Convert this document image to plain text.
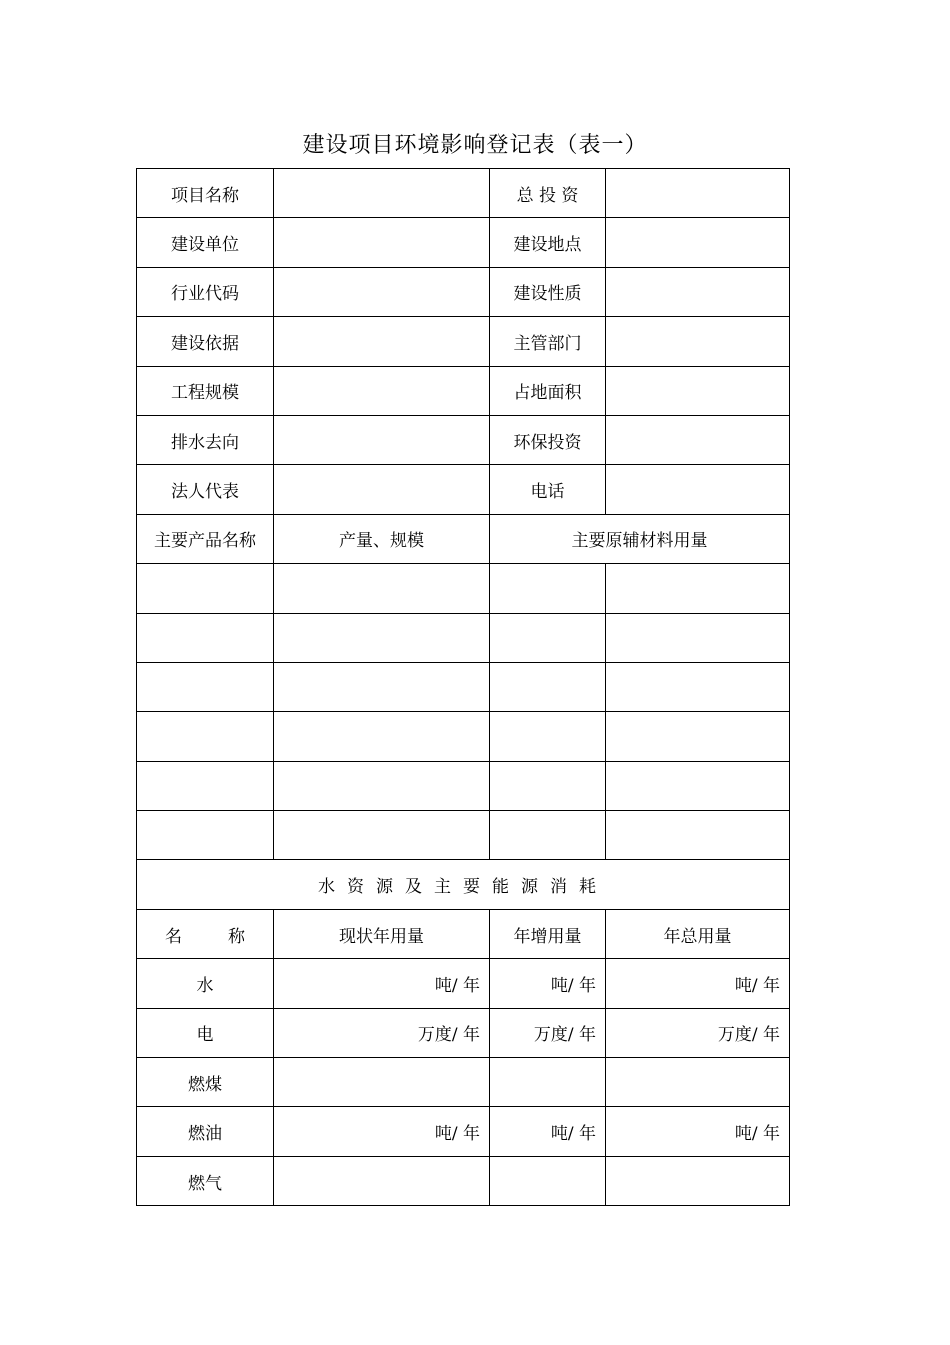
建设项目环境影响登记表（表一）
项目名称		总 投 资	
建设单位		建设地点	
行业代码		建设性质	
建设依据		主管部门	
工程规模		占地面积	
排水去向		环保投资	
法人代表		电话	
主要产品名称	产量、规模	主要原辅材料用量	

水资源及主要能源消耗			
名 称	现状年用量	年增用量	年总用量
水	吨/ 年	吨/ 年	吨/ 年
电	万度/ 年	万度/ 年	万度/ 年
燃煤			
燃油	吨/ 年	吨/ 年	吨/ 年
燃气			
